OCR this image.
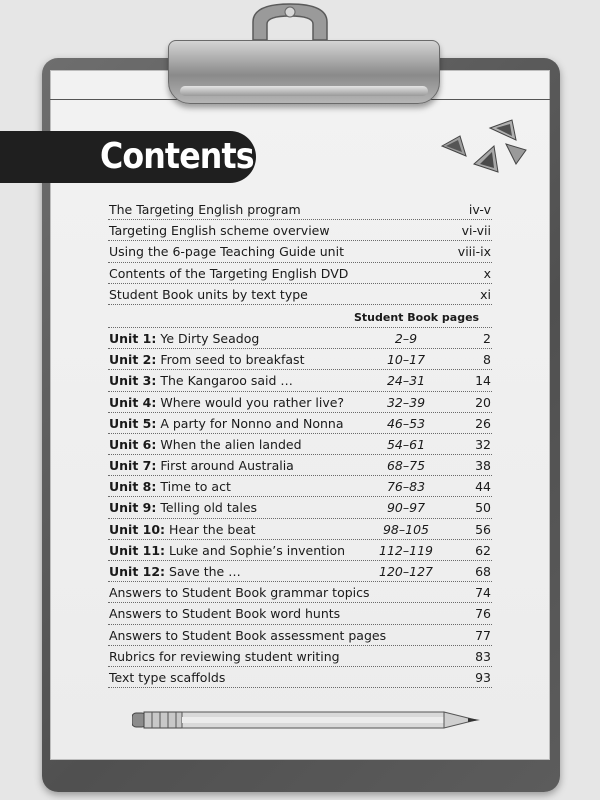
Contents
The Targeting English program	iv-v
Targeting English scheme overview	vi-vii
Using the 6-page Teaching Guide unit	viii-ix
Contents of the Targeting English DVD	x
Student Book units by text type	xi
Student Book pages
Unit 1: Ye Dirty Seadog	2–9	2
Unit 2: From seed to breakfast	10–17	8
Unit 3: The Kangaroo said …	24–31	14
Unit 4: Where would you rather live?	32–39	20
Unit 5: A party for Nonno and Nonna	46–53	26
Unit 6: When the alien landed	54–61	32
Unit 7: First around Australia	68–75	38
Unit 8: Time to act	76–83	44
Unit 9: Telling old tales	90–97	50
Unit 10: Hear the beat	98–105	56
Unit 11: Luke and Sophie’s invention	112–119	62
Unit 12: Save the …	120–127	68
Answers to Student Book grammar topics	74
Answers to Student Book word hunts	76
Answers to Student Book assessment pages	77
Rubrics for reviewing student writing	83
Text type scaffolds	93
